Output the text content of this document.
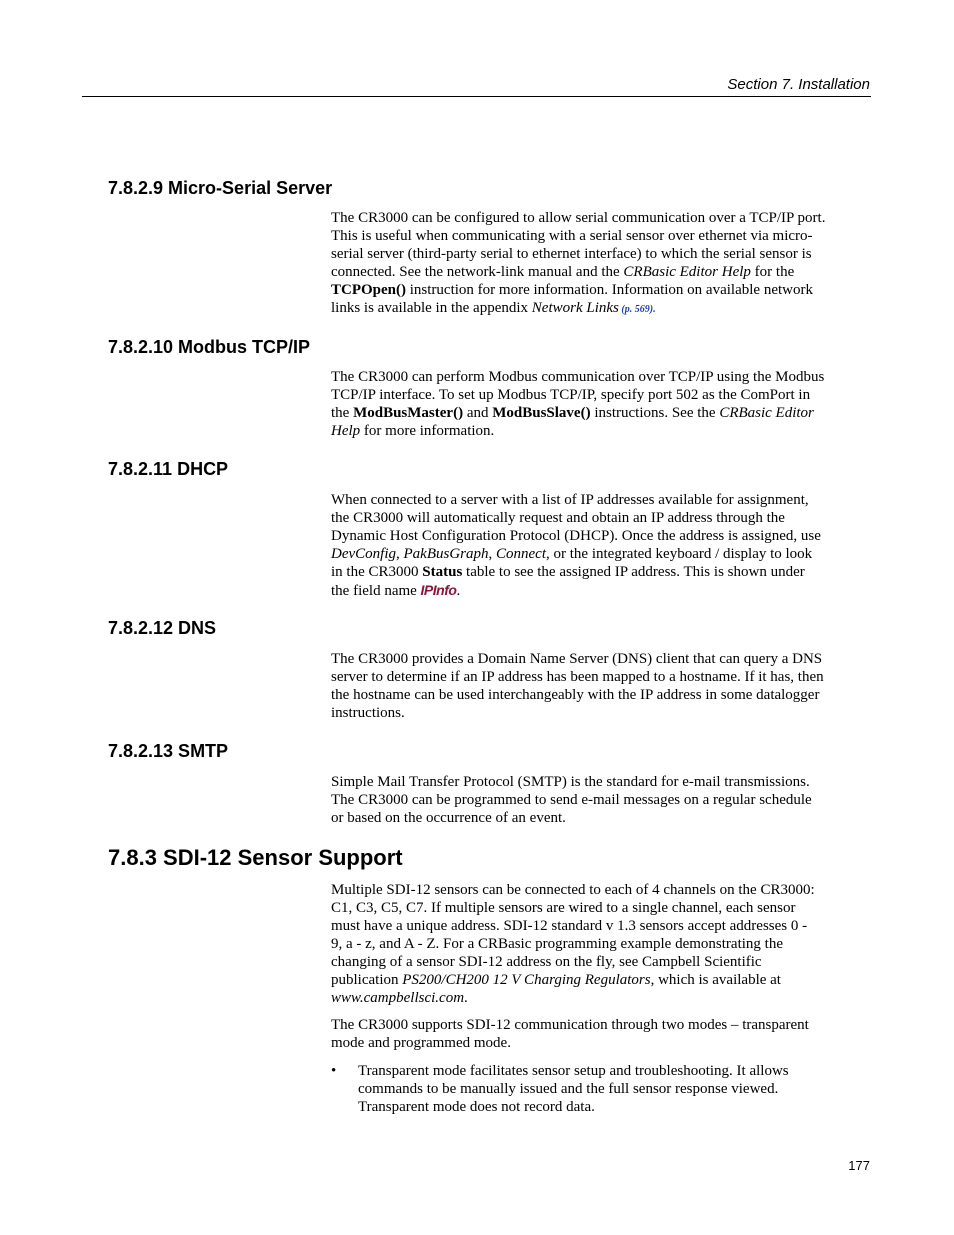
Section 7. Installation
7.8.2.9 Micro-Serial Server

The CR3000 can be configured to allow serial communication over a TCP/IP port.
This is useful when communicating with a serial sensor over ethernet via micro-
serial server (third-party serial to ethernet interface) to which the serial sensor is
connected. See the network-link manual and the CRBasic Editor Help for the
TCPOpen() instruction for more information. Information on available network
links is available in the appendix Network Links (p. 569).

7.8.2.10 Modbus TCP/IP

The CR3000 can perform Modbus communication over TCP/IP using the Modbus
TCP/IP interface. To set up Modbus TCP/IP, specify port 502 as the ComPort in
the ModBusMaster() and ModBusSlave() instructions. See the CRBasic Editor
Help for more information.

7.8.2.11 DHCP

When connected to a server with a list of IP addresses available for assignment,
the CR3000 will automatically request and obtain an IP address through the
Dynamic Host Configuration Protocol (DHCP). Once the address is assigned, use
DevConfig, PakBusGraph, Connect, or the integrated keyboard / display to look
in the CR3000 Status table to see the assigned IP address. This is shown under
the field name IPInfo.

7.8.2.12 DNS

The CR3000 provides a Domain Name Server (DNS) client that can query a DNS
server to determine if an IP address has been mapped to a hostname. If it has, then
the hostname can be used interchangeably with the IP address in some datalogger
instructions.

7.8.2.13 SMTP

Simple Mail Transfer Protocol (SMTP) is the standard for e-mail transmissions.
The CR3000 can be programmed to send e-mail messages on a regular schedule
or based on the occurrence of an event.

7.8.3 SDI-12 Sensor Support

Multiple SDI-12 sensors can be connected to each of 4 channels on the CR3000:
C1, C3, C5, C7. If multiple sensors are wired to a single channel, each sensor
must have a unique address. SDI-12 standard v 1.3 sensors accept addresses 0 -
9, a - z, and A - Z. For a CRBasic programming example demonstrating the
changing of a sensor SDI-12 address on the fly, see Campbell Scientific
publication PS200/CH200 12 V Charging Regulators, which is available at
www.campbellsci.com.

The CR3000 supports SDI-12 communication through two modes – transparent
mode and programmed mode.

• Transparent mode facilitates sensor setup and troubleshooting. It allows
commands to be manually issued and the full sensor response viewed.
Transparent mode does not record data.
177
